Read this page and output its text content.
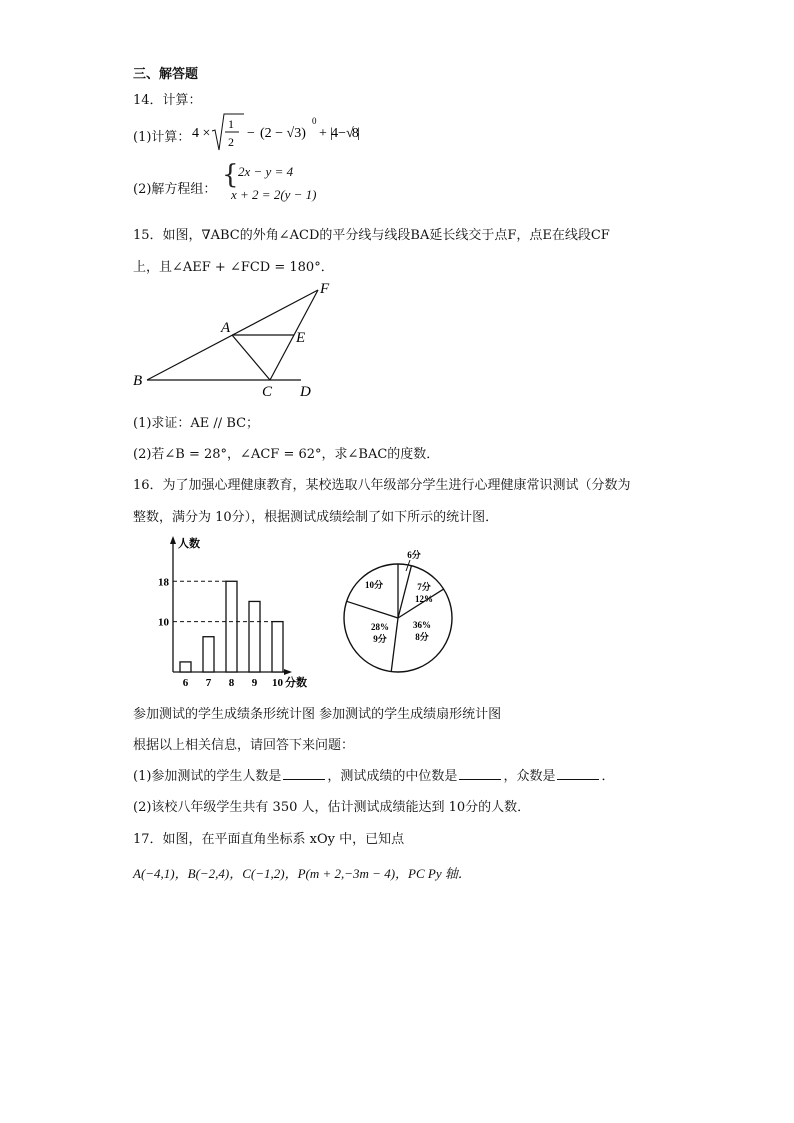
三、解答题
14．计算：
(1)计算： 4 ×
1
2
− (2 − √3)
0
+ |4 − √8|
(2)解方程组： { 2x − y = 4
x + 2 = 2(y − 1)
15．如图，∇ABC的外角∠ACD的平分线与线段BA延长线交于点F，点E在线段CF
上，且∠AEF + ∠FCD = 180°．
B
A
E
F
C D
(1)求证：AE // BC；
(2)若∠B = 28°，∠ACF = 62°，求∠BAC的度数．
16．为了加强心理健康教育，某校选取八年级部分学生进行心理健康常识测试（分数为
整数，满分为 10分），根据测试成绩绘制了如下所示的统计图．
人数
分数
6 7 8 9 10
10
18
6分
7分
12%
36%
8分
28%
9分
10分
参加测试的学生成绩条形统计图 参加测试的学生成绩扇形统计图
根据以上相关信息，请回答下来问题：
(1)参加测试的学生人数是	，测试成绩的中位数是	，众数是	．
(2)该校八年级学生共有 350 人，估计测试成绩能达到 10分的人数．
17．如图，在平面直角坐标系 xOy 中，已知点
A(−4,1)，B(−2,4)，C(−1,2)，P(m + 2,−3m − 4)，PC Py 轴．
